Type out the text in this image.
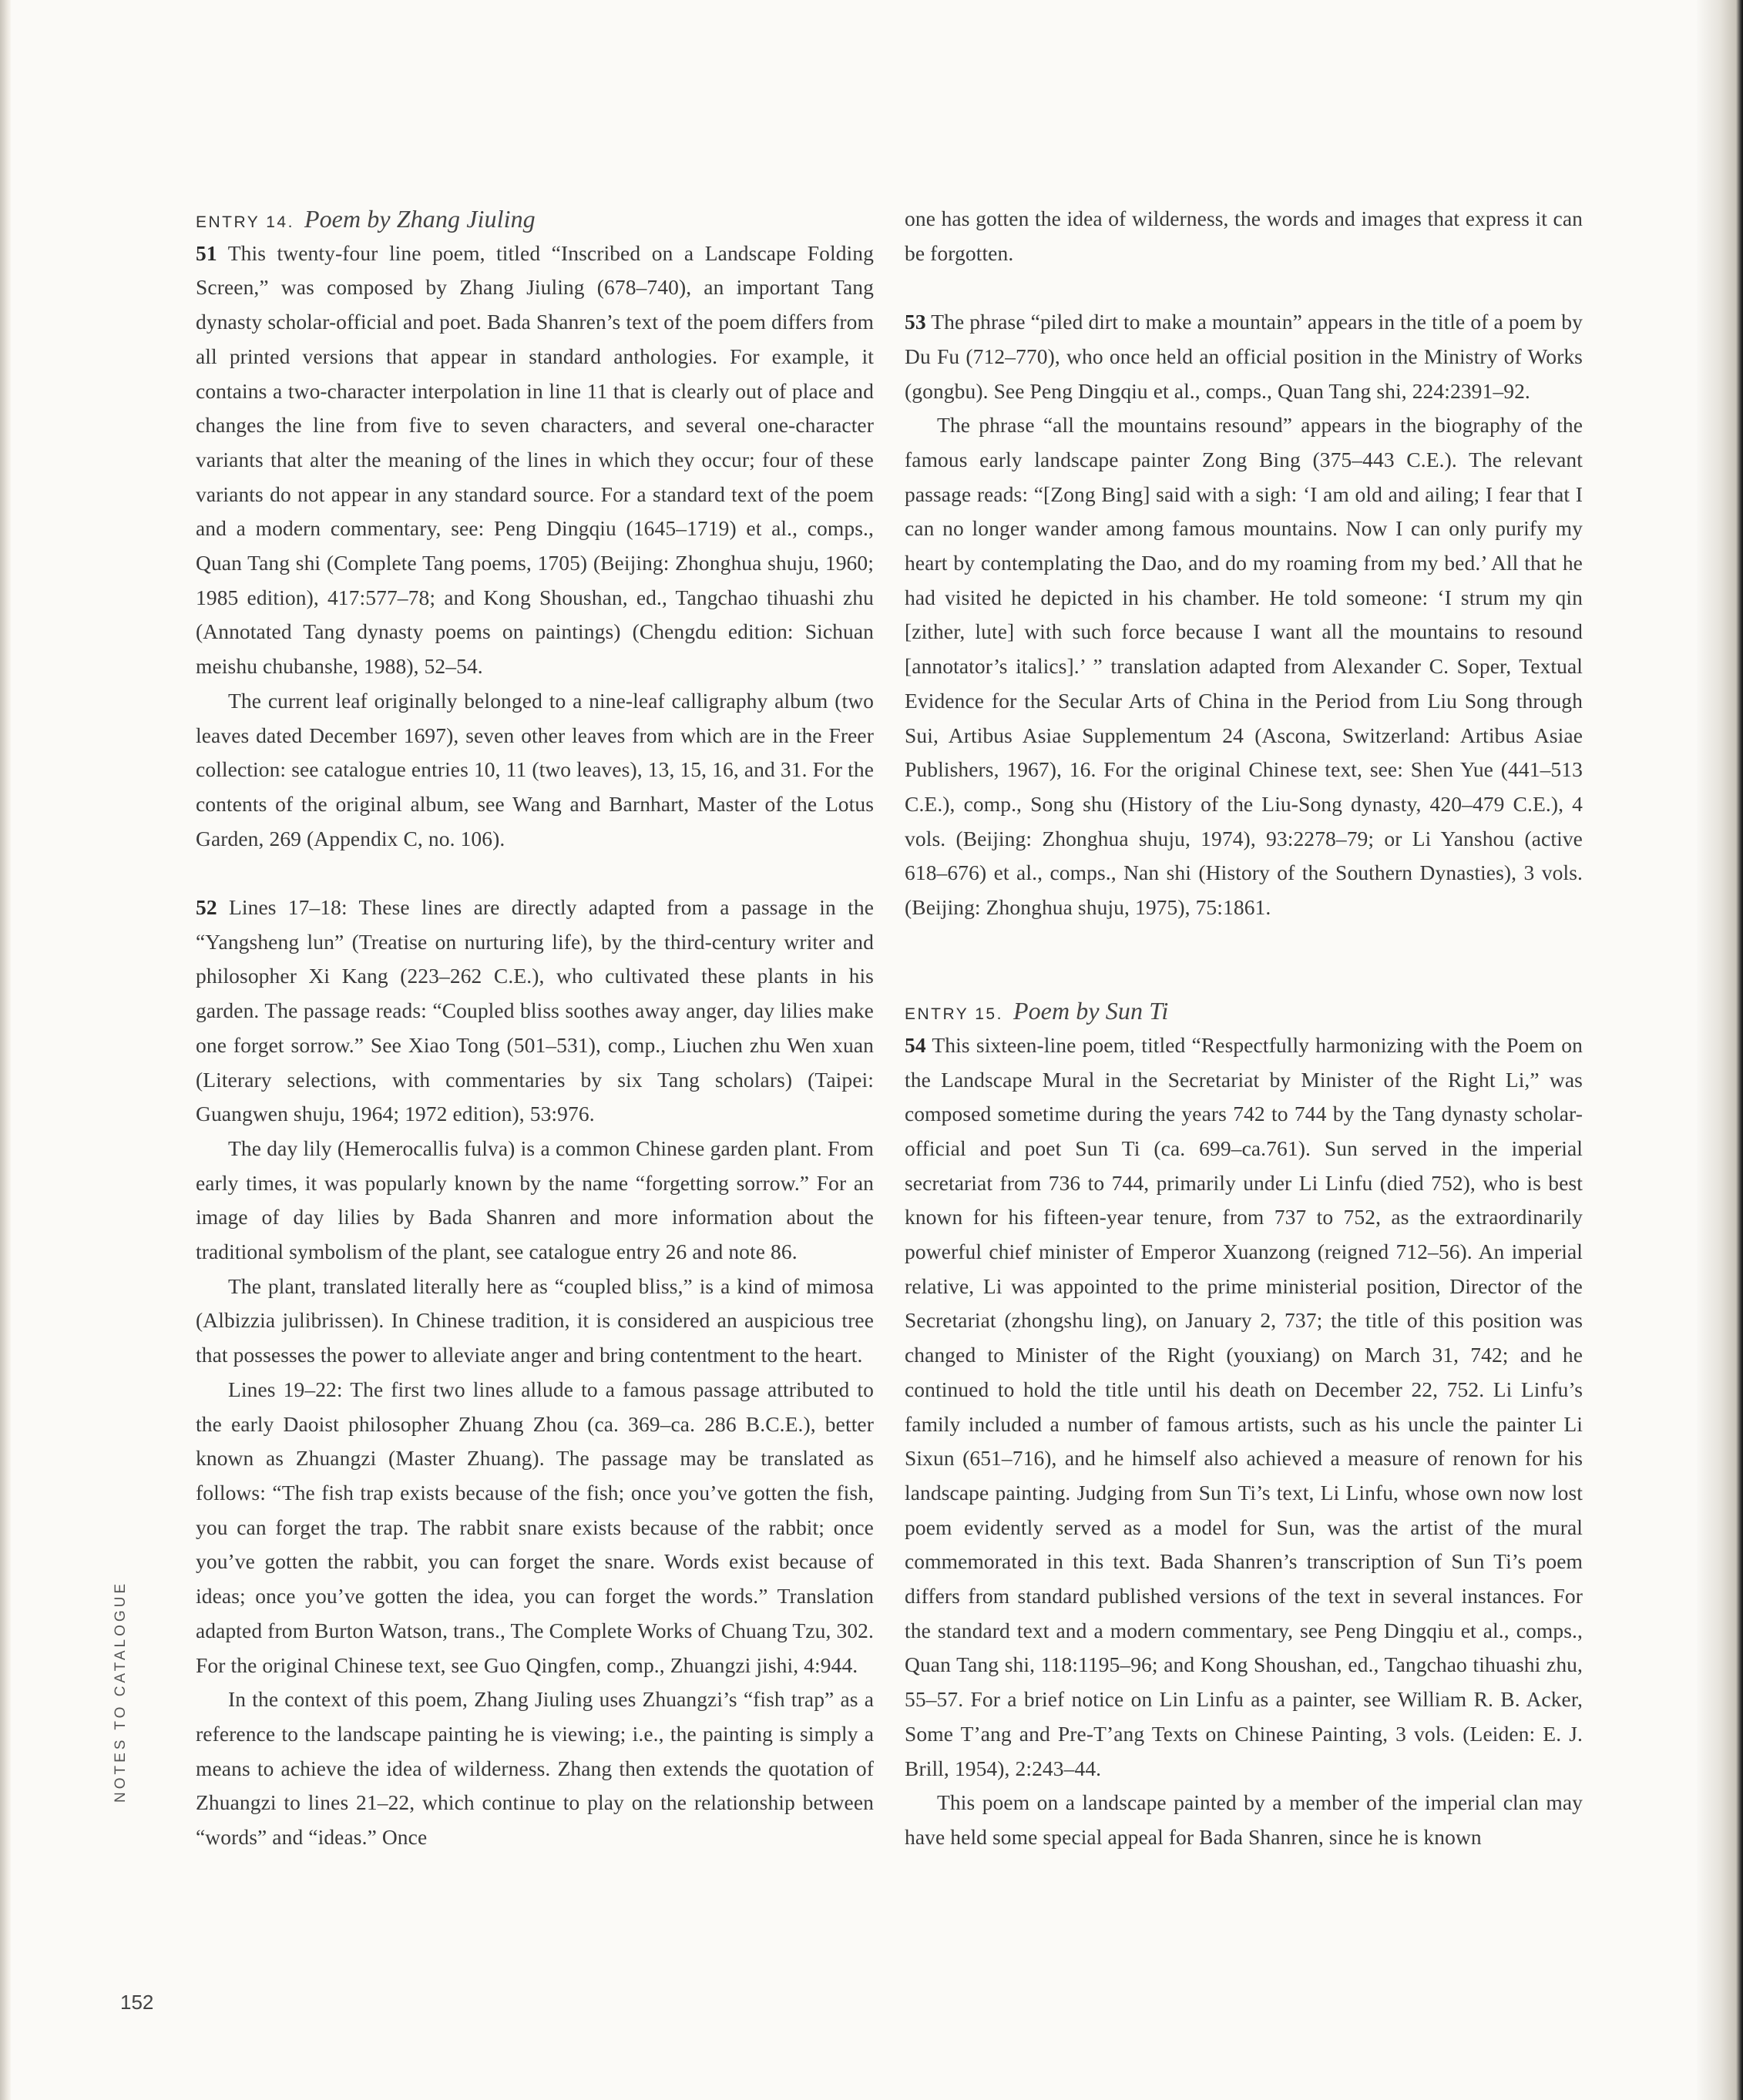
ENTRY 14. Poem by Zhang Jiuling

51 This twenty-four line poem, titled “Inscribed on a Landscape Folding Screen,” was composed by Zhang Jiuling (678–740), an important Tang dynasty scholar-official and poet. Bada Shanren’s text of the poem differs from all printed versions that appear in standard anthologies. For example, it contains a two-character interpolation in line 11 that is clearly out of place and changes the line from five to seven characters, and several one-character variants that alter the meaning of the lines in which they occur; four of these variants do not appear in any standard source. For a standard text of the poem and a modern commentary, see: Peng Dingqiu (1645–1719) et al., comps., Quan Tang shi (Complete Tang poems, 1705) (Beijing: Zhonghua shuju, 1960; 1985 edition), 417:577–78; and Kong Shoushan, ed., Tangchao tihuashi zhu (Annotated Tang dynasty poems on paintings) (Chengdu edition: Sichuan meishu chubanshe, 1988), 52–54.

The current leaf originally belonged to a nine-leaf calligraphy album (two leaves dated December 1697), seven other leaves from which are in the Freer collection: see catalogue entries 10, 11 (two leaves), 13, 15, 16, and 31. For the contents of the original album, see Wang and Barnhart, Master of the Lotus Garden, 269 (Appendix C, no. 106).

52 Lines 17–18: These lines are directly adapted from a passage in the “Yangsheng lun” (Treatise on nurturing life), by the third-century writer and philosopher Xi Kang (223–262 C.E.), who cultivated these plants in his garden. The passage reads: “Coupled bliss soothes away anger, day lilies make one forget sorrow.” See Xiao Tong (501–531), comp., Liuchen zhu Wen xuan (Literary selections, with commentaries by six Tang scholars) (Taipei: Guangwen shuju, 1964; 1972 edition), 53:976.

The day lily (Hemerocallis fulva) is a common Chinese garden plant. From early times, it was popularly known by the name “forgetting sorrow.” For an image of day lilies by Bada Shanren and more information about the traditional symbolism of the plant, see catalogue entry 26 and note 86.

The plant, translated literally here as “coupled bliss,” is a kind of mimosa (Albizzia julibrissen). In Chinese tradition, it is considered an auspicious tree that possesses the power to alleviate anger and bring contentment to the heart.

Lines 19–22: The first two lines allude to a famous passage attributed to the early Daoist philosopher Zhuang Zhou (ca. 369–ca. 286 B.C.E.), better known as Zhuangzi (Master Zhuang). The passage may be translated as follows: “The fish trap exists because of the fish; once you’ve gotten the fish, you can forget the trap. The rabbit snare exists because of the rabbit; once you’ve gotten the rabbit, you can forget the snare. Words exist because of ideas; once you’ve gotten the idea, you can forget the words.” Translation adapted from Burton Watson, trans., The Complete Works of Chuang Tzu, 302. For the original Chinese text, see Guo Qingfen, comp., Zhuangzi jishi, 4:944.

In the context of this poem, Zhang Jiuling uses Zhuangzi’s “fish trap” as a reference to the landscape painting he is viewing; i.e., the painting is simply a means to achieve the idea of wilderness. Zhang then extends the quotation of Zhuangzi to lines 21–22, which continue to play on the relationship between “words” and “ideas.” Once

one has gotten the idea of wilderness, the words and images that express it can be forgotten.

53 The phrase “piled dirt to make a mountain” appears in the title of a poem by Du Fu (712–770), who once held an official position in the Ministry of Works (gongbu). See Peng Dingqiu et al., comps., Quan Tang shi, 224:2391–92.

The phrase “all the mountains resound” appears in the biography of the famous early landscape painter Zong Bing (375–443 C.E.). The relevant passage reads: “[Zong Bing] said with a sigh: ‘I am old and ailing; I fear that I can no longer wander among famous mountains. Now I can only purify my heart by contemplating the Dao, and do my roaming from my bed.’ All that he had visited he depicted in his chamber. He told someone: ‘I strum my qin [zither, lute] with such force because I want all the mountains to resound [annotator’s italics].’ ” translation adapted from Alexander C. Soper, Textual Evidence for the Secular Arts of China in the Period from Liu Song through Sui, Artibus Asiae Supplementum 24 (Ascona, Switzerland: Artibus Asiae Publishers, 1967), 16. For the original Chinese text, see: Shen Yue (441–513 C.E.), comp., Song shu (History of the Liu-Song dynasty, 420–479 C.E.), 4 vols. (Beijing: Zhonghua shuju, 1974), 93:2278–79; or Li Yanshou (active 618–676) et al., comps., Nan shi (History of the Southern Dynasties), 3 vols. (Beijing: Zhonghua shuju, 1975), 75:1861.

ENTRY 15. Poem by Sun Ti

54 This sixteen-line poem, titled “Respectfully harmonizing with the Poem on the Landscape Mural in the Secretariat by Minister of the Right Li,” was composed sometime during the years 742 to 744 by the Tang dynasty scholar-official and poet Sun Ti (ca. 699–ca.761). Sun served in the imperial secretariat from 736 to 744, primarily under Li Linfu (died 752), who is best known for his fifteen-year tenure, from 737 to 752, as the extraordinarily powerful chief minister of Emperor Xuanzong (reigned 712–56). An imperial relative, Li was appointed to the prime ministerial position, Director of the Secretariat (zhongshu ling), on January 2, 737; the title of this position was changed to Minister of the Right (youxiang) on March 31, 742; and he continued to hold the title until his death on December 22, 752. Li Linfu’s family included a number of famous artists, such as his uncle the painter Li Sixun (651–716), and he himself also achieved a measure of renown for his landscape painting. Judging from Sun Ti’s text, Li Linfu, whose own now lost poem evidently served as a model for Sun, was the artist of the mural commemorated in this text. Bada Shanren’s transcription of Sun Ti’s poem differs from standard published versions of the text in several instances. For the standard text and a modern commentary, see Peng Dingqiu et al., comps., Quan Tang shi, 118:1195–96; and Kong Shoushan, ed., Tangchao tihuashi zhu, 55–57. For a brief notice on Lin Linfu as a painter, see William R. B. Acker, Some T’ang and Pre-T’ang Texts on Chinese Painting, 3 vols. (Leiden: E. J. Brill, 1954), 2:243–44.

This poem on a landscape painted by a member of the imperial clan may have held some special appeal for Bada Shanren, since he is known

NOTES TO CATALOGUE
152
